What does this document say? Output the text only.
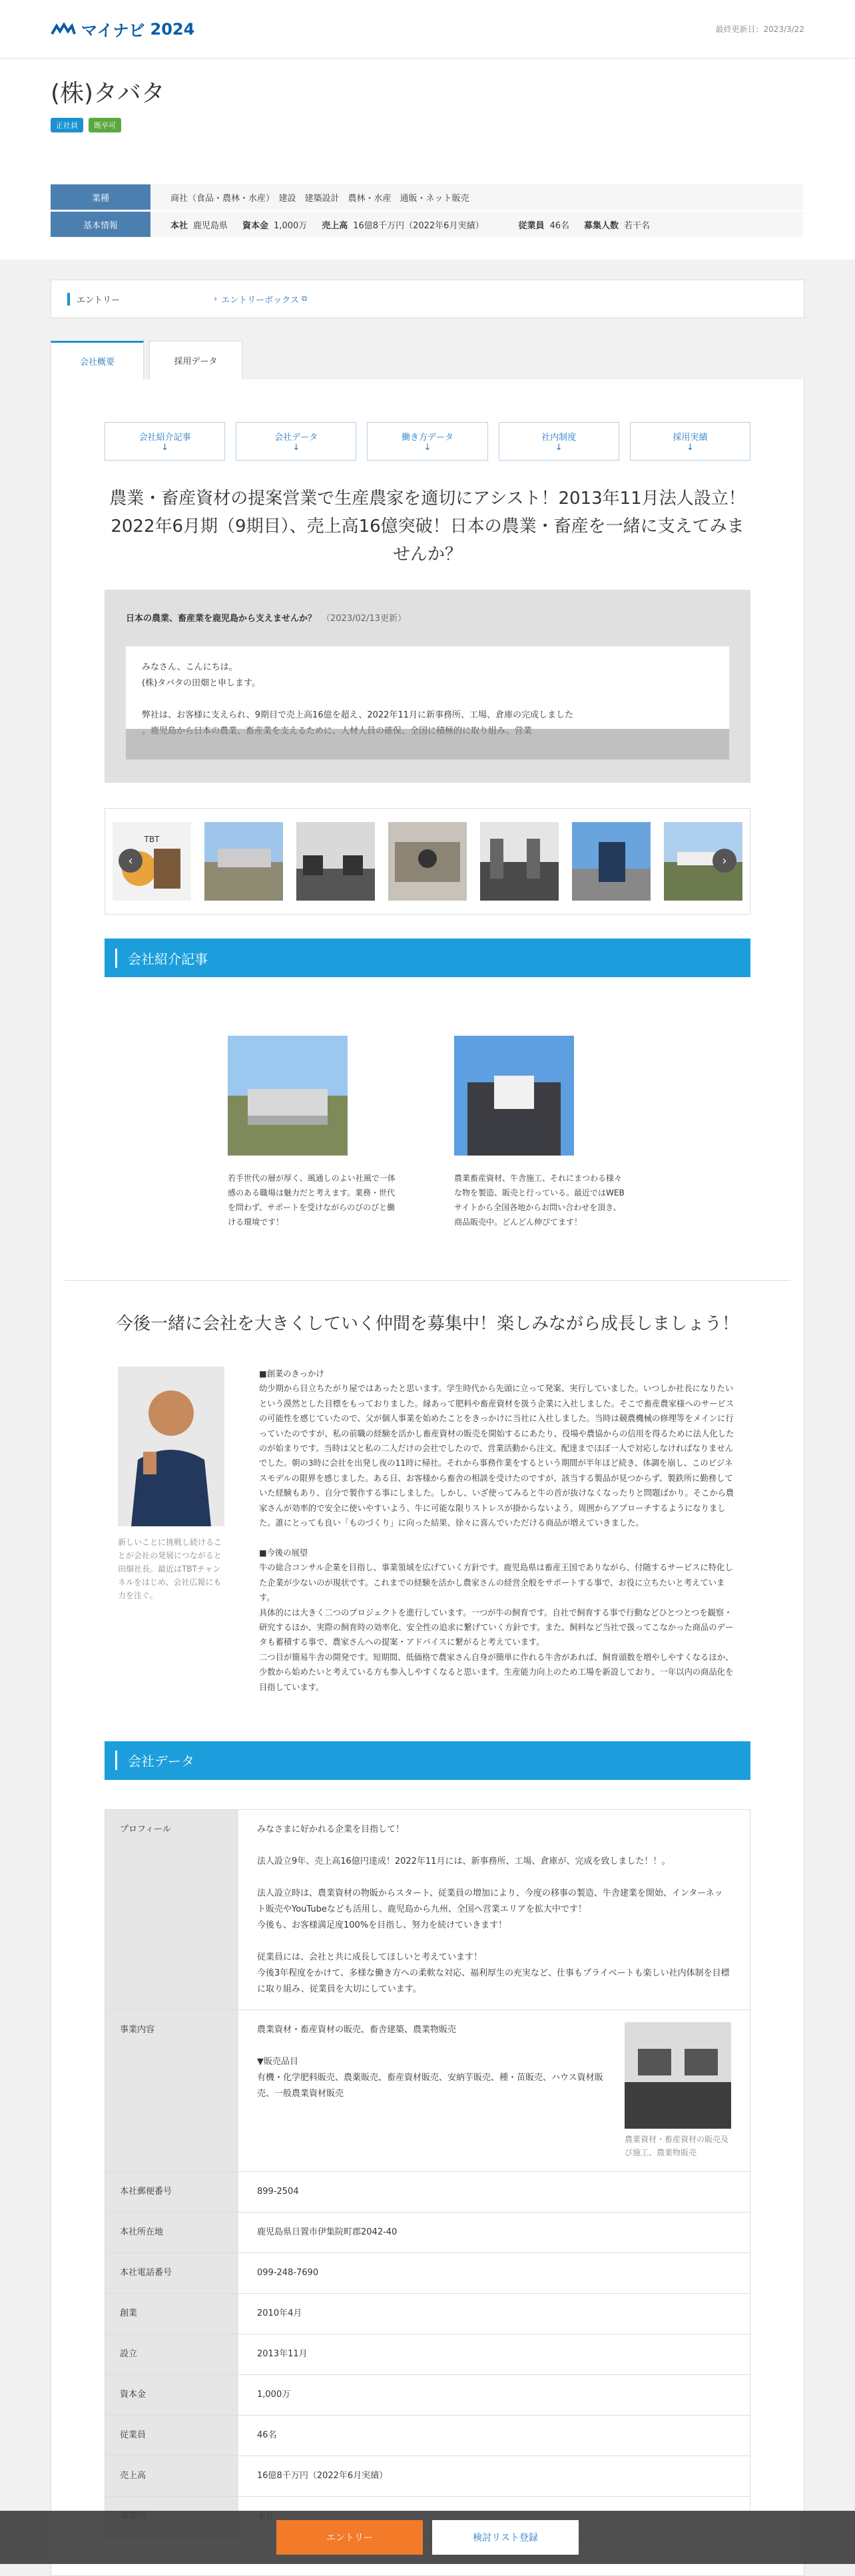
マイナビ 2024	最終更新日：2023/3/22
(株)タバタ
正社員	既卒可
業種	商社（食品・農林・水産）　建設　建築設計　農林・水産　通販・ネット販売
基本情報	本社 鹿児島県 資本金 1,000万 売上高 16億8千万円（2022年6月実績）	従業員 46名 募集人数 若干名
エントリー	› エントリーボックス ⧉
会社概要	採用データ
会社紹介記事
↓
会社データ
↓
働き方データ
↓
社内制度
↓
採用実績
↓
農業・畜産資材の提案営業で生産農家を適切にアシスト！2013年11月法人設立！2022年6月期（9期目）、売上高16億突破！日本の農業・畜産を一緒に支えてみませんか？
日本の農業、畜産業を鹿児島から支えませんか？ （2023/02/13更新）
みなさん、こんにちは。
(株)タバタの田畑と申します。

弊社は、お客様に支えられ、9期目で売上高16億を超え、2022年11月に新事務所、工場、倉庫の完成しました

‹
TBT
›
会社紹介記事
若手世代の層が厚く、風通しのよい社風で一体感のある職場は魅力だと考えます。業務・世代を問わず、サポートを受けながらのびのびと働ける環境です！
農業畜産資材、牛舎施工、それにまつわる様々な物を製造、販売と行っている。最近ではWEBサイトから全国各地からお問い合わせを頂き、商品販売中。どんどん伸びてます！
今後一緒に会社を大きくしていく仲間を募集中！楽しみながら成長しましょう！
新しいことに挑戦し続けることが会社の発展につながると田畑社長。最近はTBTチャンネルをはじめ、会社広報にも力を注ぐ。
■創業のきっかけ
幼少期から目立ちたがり屋ではあったと思います。学生時代から先頭に立って発案、実行していました。いつしか社長になりたいという漠然とした目標をもっておりました。縁あって肥料や畜産資材を扱う企業に入社しました。そこで畜産農家様へのサービスの可能性を感じていたので、父が個人事業を始めたことをきっかけに当社に入社しました。当時は競農機械の修理等をメインに行っていたのですが、私の前職の経験を活かし畜産資材の販売を開始するにあたり、役場や農協からの信用を得るために法人化したのが始まりです。当時は父と私の二人だけの会社でしたので、営業活動から注文、配達までほぼ一人で対応しなければなりませんでした。朝の3時に会社を出発し夜の11時に帰社。それから事務作業をするという期間が半年ほど続き、体調を崩し、このビジネスモデルの限界を感じました。ある日、お客様から畜舎の相談を受けたのですが、該当する製品が見つからず、製鉄所に勤務していた経験もあり、自分で製作する事にしました。しかし、いざ使ってみると牛の首が抜けなくなったりと問題ばかり。そこから農家さんが効率的で安全に使いやすいよう、牛に可能な限りストレスが掛からないよう、周囲からアプローチするようになりました。誰にとっても良い「ものづくり」に向った結果、徐々に喜んでいただける商品が増えていきました。

■今後の展望
牛の総合コンサル企業を目指し、事業領域を広げていく方針です。鹿児島県は畜産王国でありながら、付随するサービスに特化した企業が少ないのが現状です。これまでの経験を活かし農家さんの経営全般をサポートする事で、お役に立ちたいと考えています。
具体的には大きく二つのプロジェクトを進行しています。一つが牛の飼育です。自社で飼育する事で行動などひとつとつを観察・研究するほか、実際の飼育時の効率化、安全性の追求に繋げていく方針です。また、飼料など当社で扱ってこなかった商品のデータも蓄積する事で、農家さんへの提案・アドバイスに繋がると考えています。
二つ目が簡易牛舎の開発です。短期間、低価格で農家さん自身が簡単に作れる牛舎があれば、飼育頭数を増やしやすくなるほか、少数から始めたいと考えている方も参入しやすくなると思います。生産能力向上のため工場を新設しており、一年以内の商品化を目指しています。
会社データ
プロフィール	みなさまに好かれる企業を目指して！

法人設立9年、売上高16億円達成！2022年11月には、新事務所、工場、倉庫が、完成を致しました！！。

法人設立時は、農業資材の物販からスタート、従業員の増加により、今度の移事の製造、牛舎建業を開始、インターネット販売やYouTubeなども活用し、鹿児島から九州、全国へ営業エリアを拡大中です！
今後も、お客様満足度100%を目指し、努力を続けていきます！

従業員には、会社と共に成長してほしいと考えています！
今後3年程度をかけて、多様な働き方への柔軟な対応、福利厚生の充実など、仕事もプライベートも楽しい社内体制を目標に取り組み、従業員を大切にしています。
事業内容	農業資材・畜産資材の販売、畜舎建築、農業物販売

▼販売品目
有機・化学肥料販売、農薬販売、畜産資材販売、安納芋販売、種・苗販売、ハウス資材販売、一般農業資材販売
農業資材・畜産資材の販売及び施工、農業物販売
本社郵便番号	899-2504
本社所在地	鹿児島県日置市伊集院町郡2042-40
本社電話番号	099-248-7690
創業	2010年4月
設立	2013年11月
資本金	1,000万
従業員	46名
売上高	16億8千万円（2022年6月実績）
エントリー	検討リスト登録
